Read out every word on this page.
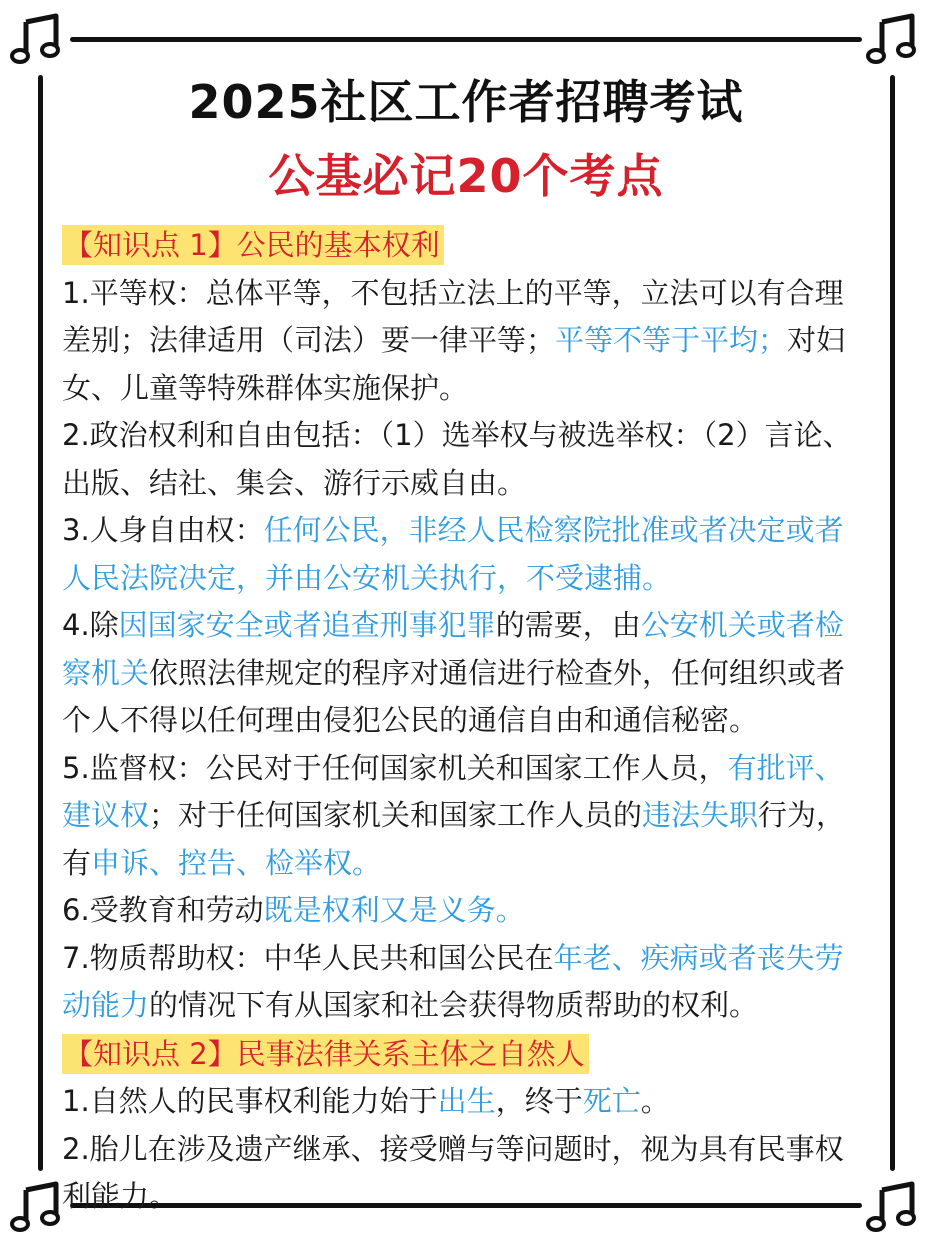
2025社区工作者招聘考试
公基必记20个考点
【知识点 1】公民的基本权利

1.平等权：总体平等，不包括立法上的平等，立法可以有合理差别；法律适用（司法）要一律平等；平等不等于平均；对妇女、儿童等特殊群体实施保护。

2.政治权利和自由包括：（1）选举权与被选举权：（2）言论、出版、结社、集会、游行示威自由。

3.人身自由权：任何公民，非经人民检察院批准或者决定或者人民法院决定，并由公安机关执行，不受逮捕。

4.除因国家安全或者追查刑事犯罪的需要，由公安机关或者检察机关依照法律规定的程序对通信进行检查外，任何组织或者个人不得以任何理由侵犯公民的通信自由和通信秘密。

5.监督权：公民对于任何国家机关和国家工作人员，有批评、建议权；对于任何国家机关和国家工作人员的违法失职行为，有申诉、控告、检举权。

6.受教育和劳动既是权利又是义务。

7.物质帮助权：中华人民共和国公民在年老、疾病或者丧失劳动能力的情况下有从国家和社会获得物质帮助的权利。

【知识点 2】民事法律关系主体之自然人

1.自然人的民事权利能力始于出生，终于死亡。

2.胎儿在涉及遗产继承、接受赠与等问题时，视为具有民事权利能力。
